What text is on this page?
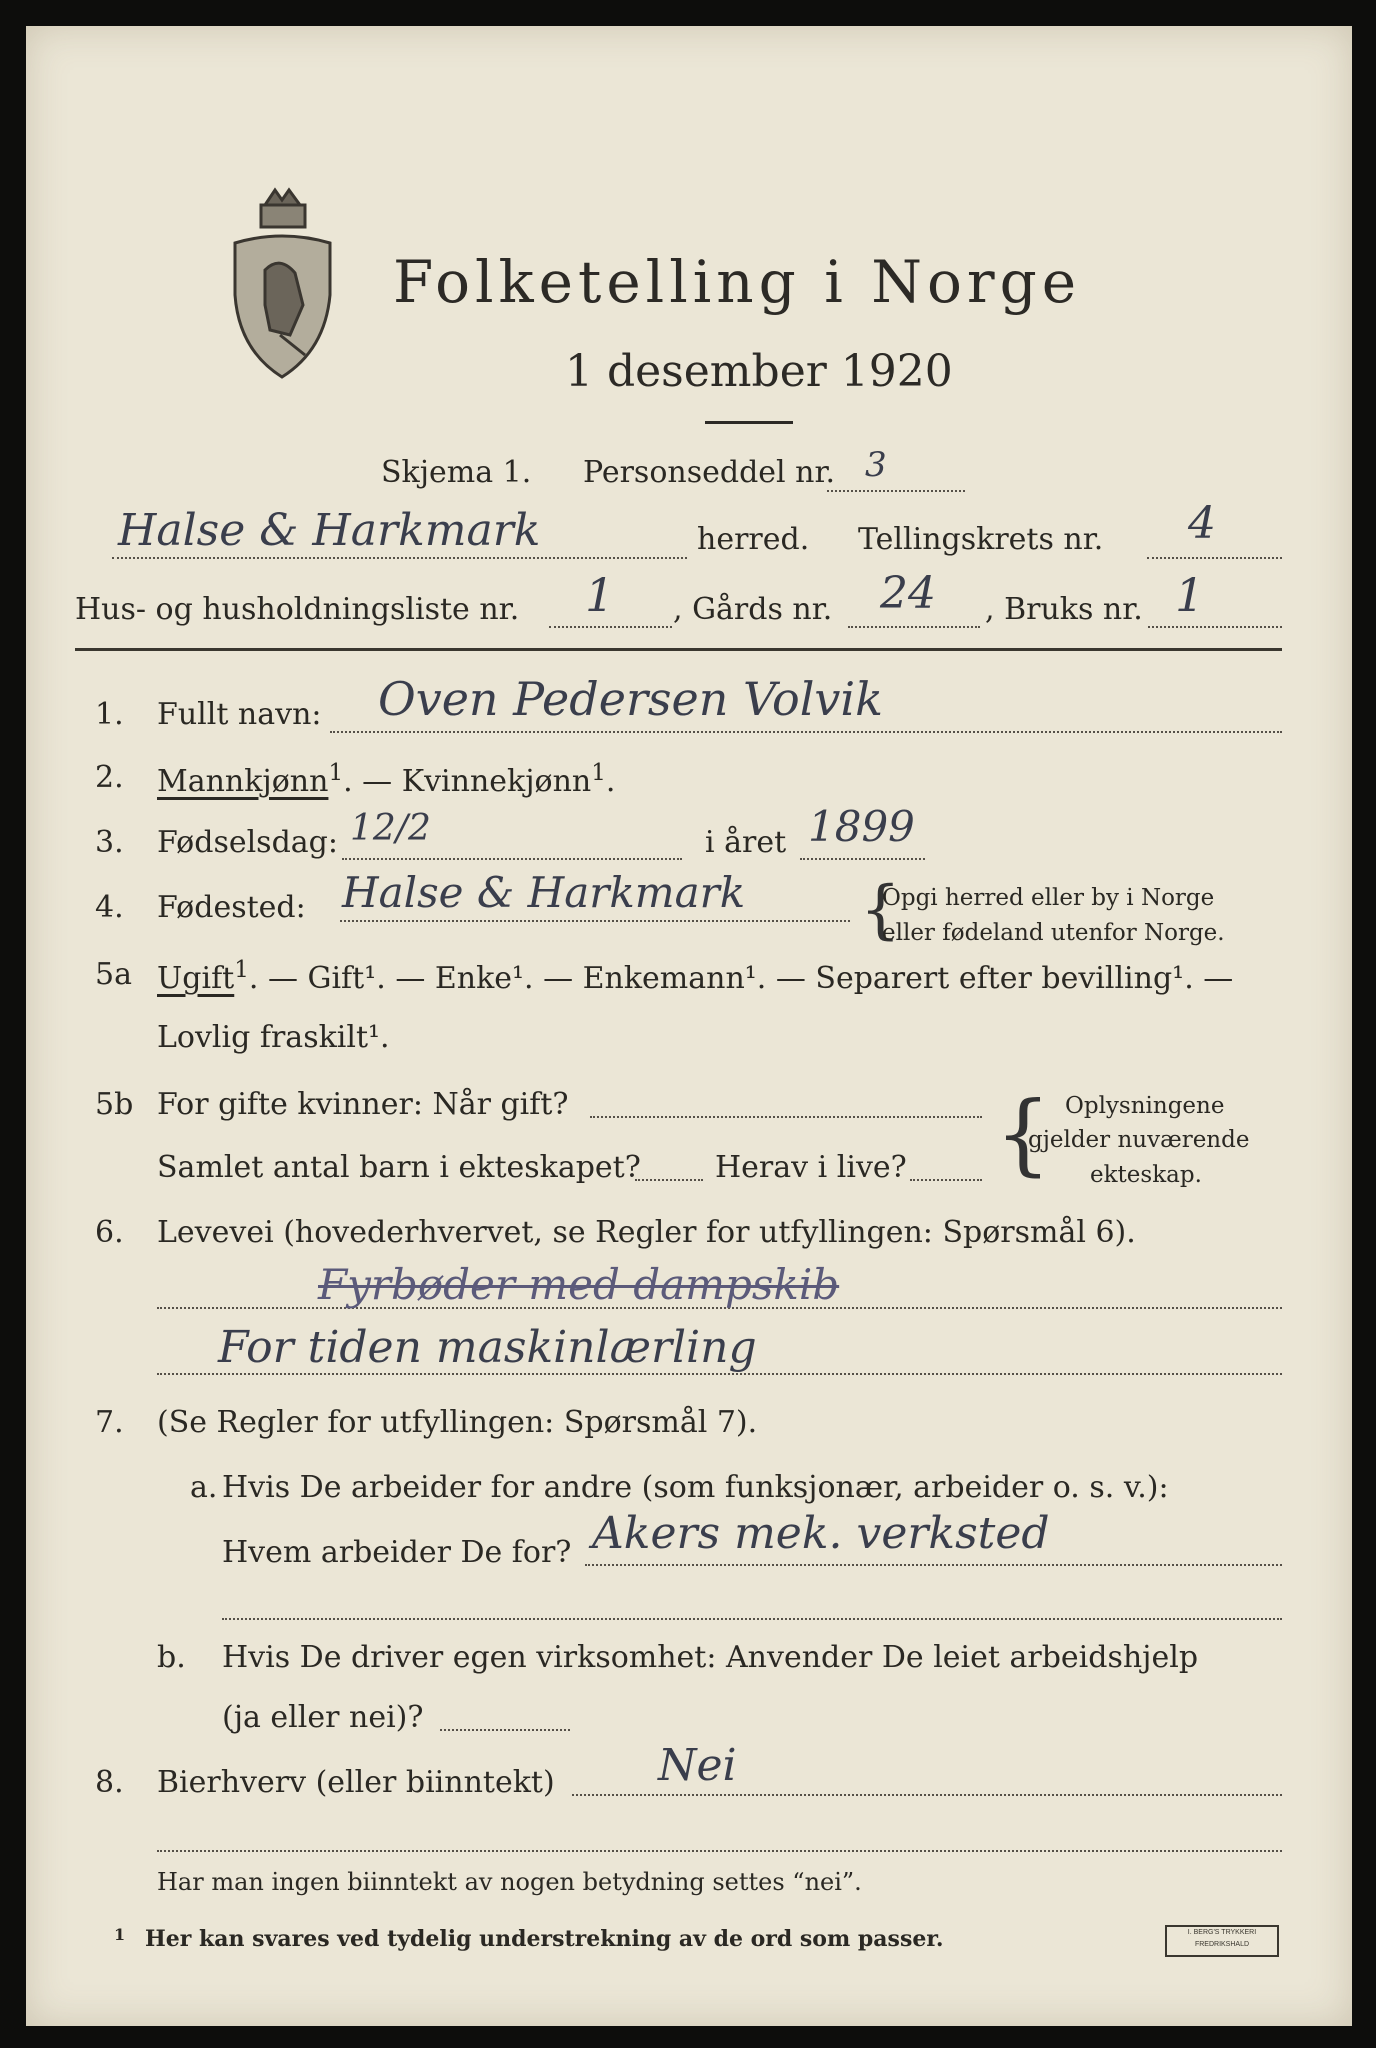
Folketelling i Norge
1 desember 1920
Skjema 1. Personseddel nr. 3
Halse & Harkmark	herred. Tellingskrets nr. 4
Hus- og husholdningsliste nr. 1 , Gårds nr. 24 , Bruks nr. 1
1. Fullt navn: Oven Pedersen Volvik
2. Mannkjønn$^1$. — Kvinnekjønn$^1$.
3. Fødselsdag: 12/2	i året 1899
4. Fødested: Halse & Harkmark {
Opgi herred eller by i Norge
eller fødeland utenfor Norge.
5a Ugift$^1$. — Gift¹. — Enke¹. — Enkemann¹. — Separert efter bevilling¹. —
Lovlig fraskilt¹.
5b For gifte kvinner: Når gift?
Samlet antal barn i ekteskapet? Herav i live? { Oplysningene
gjelder nuværende
ekteskap.
6. Levevei (hovederhvervet, se Regler for utfyllingen: Spørsmål 6).
Fyrbøder med dampskib
For tiden maskinlærling
7. (Se Regler for utfyllingen: Spørsmål 7).
a. Hvis De arbeider for andre (som funksjonær, arbeider o. s. v.):
Hvem arbeider De for? Akers mek. verksted
b. Hvis De driver egen virksomhet: Anvender De leiet arbeidshjelp
(ja eller nei)?
8. Bierhverv (eller biinntekt) Nei
Har man ingen biinntekt av nogen betydning settes “nei”.
1 Her kan svares ved tydelig understrekning av de ord som passer.	I. BERG'S TRYKKERI
FREDRIKSHALD
